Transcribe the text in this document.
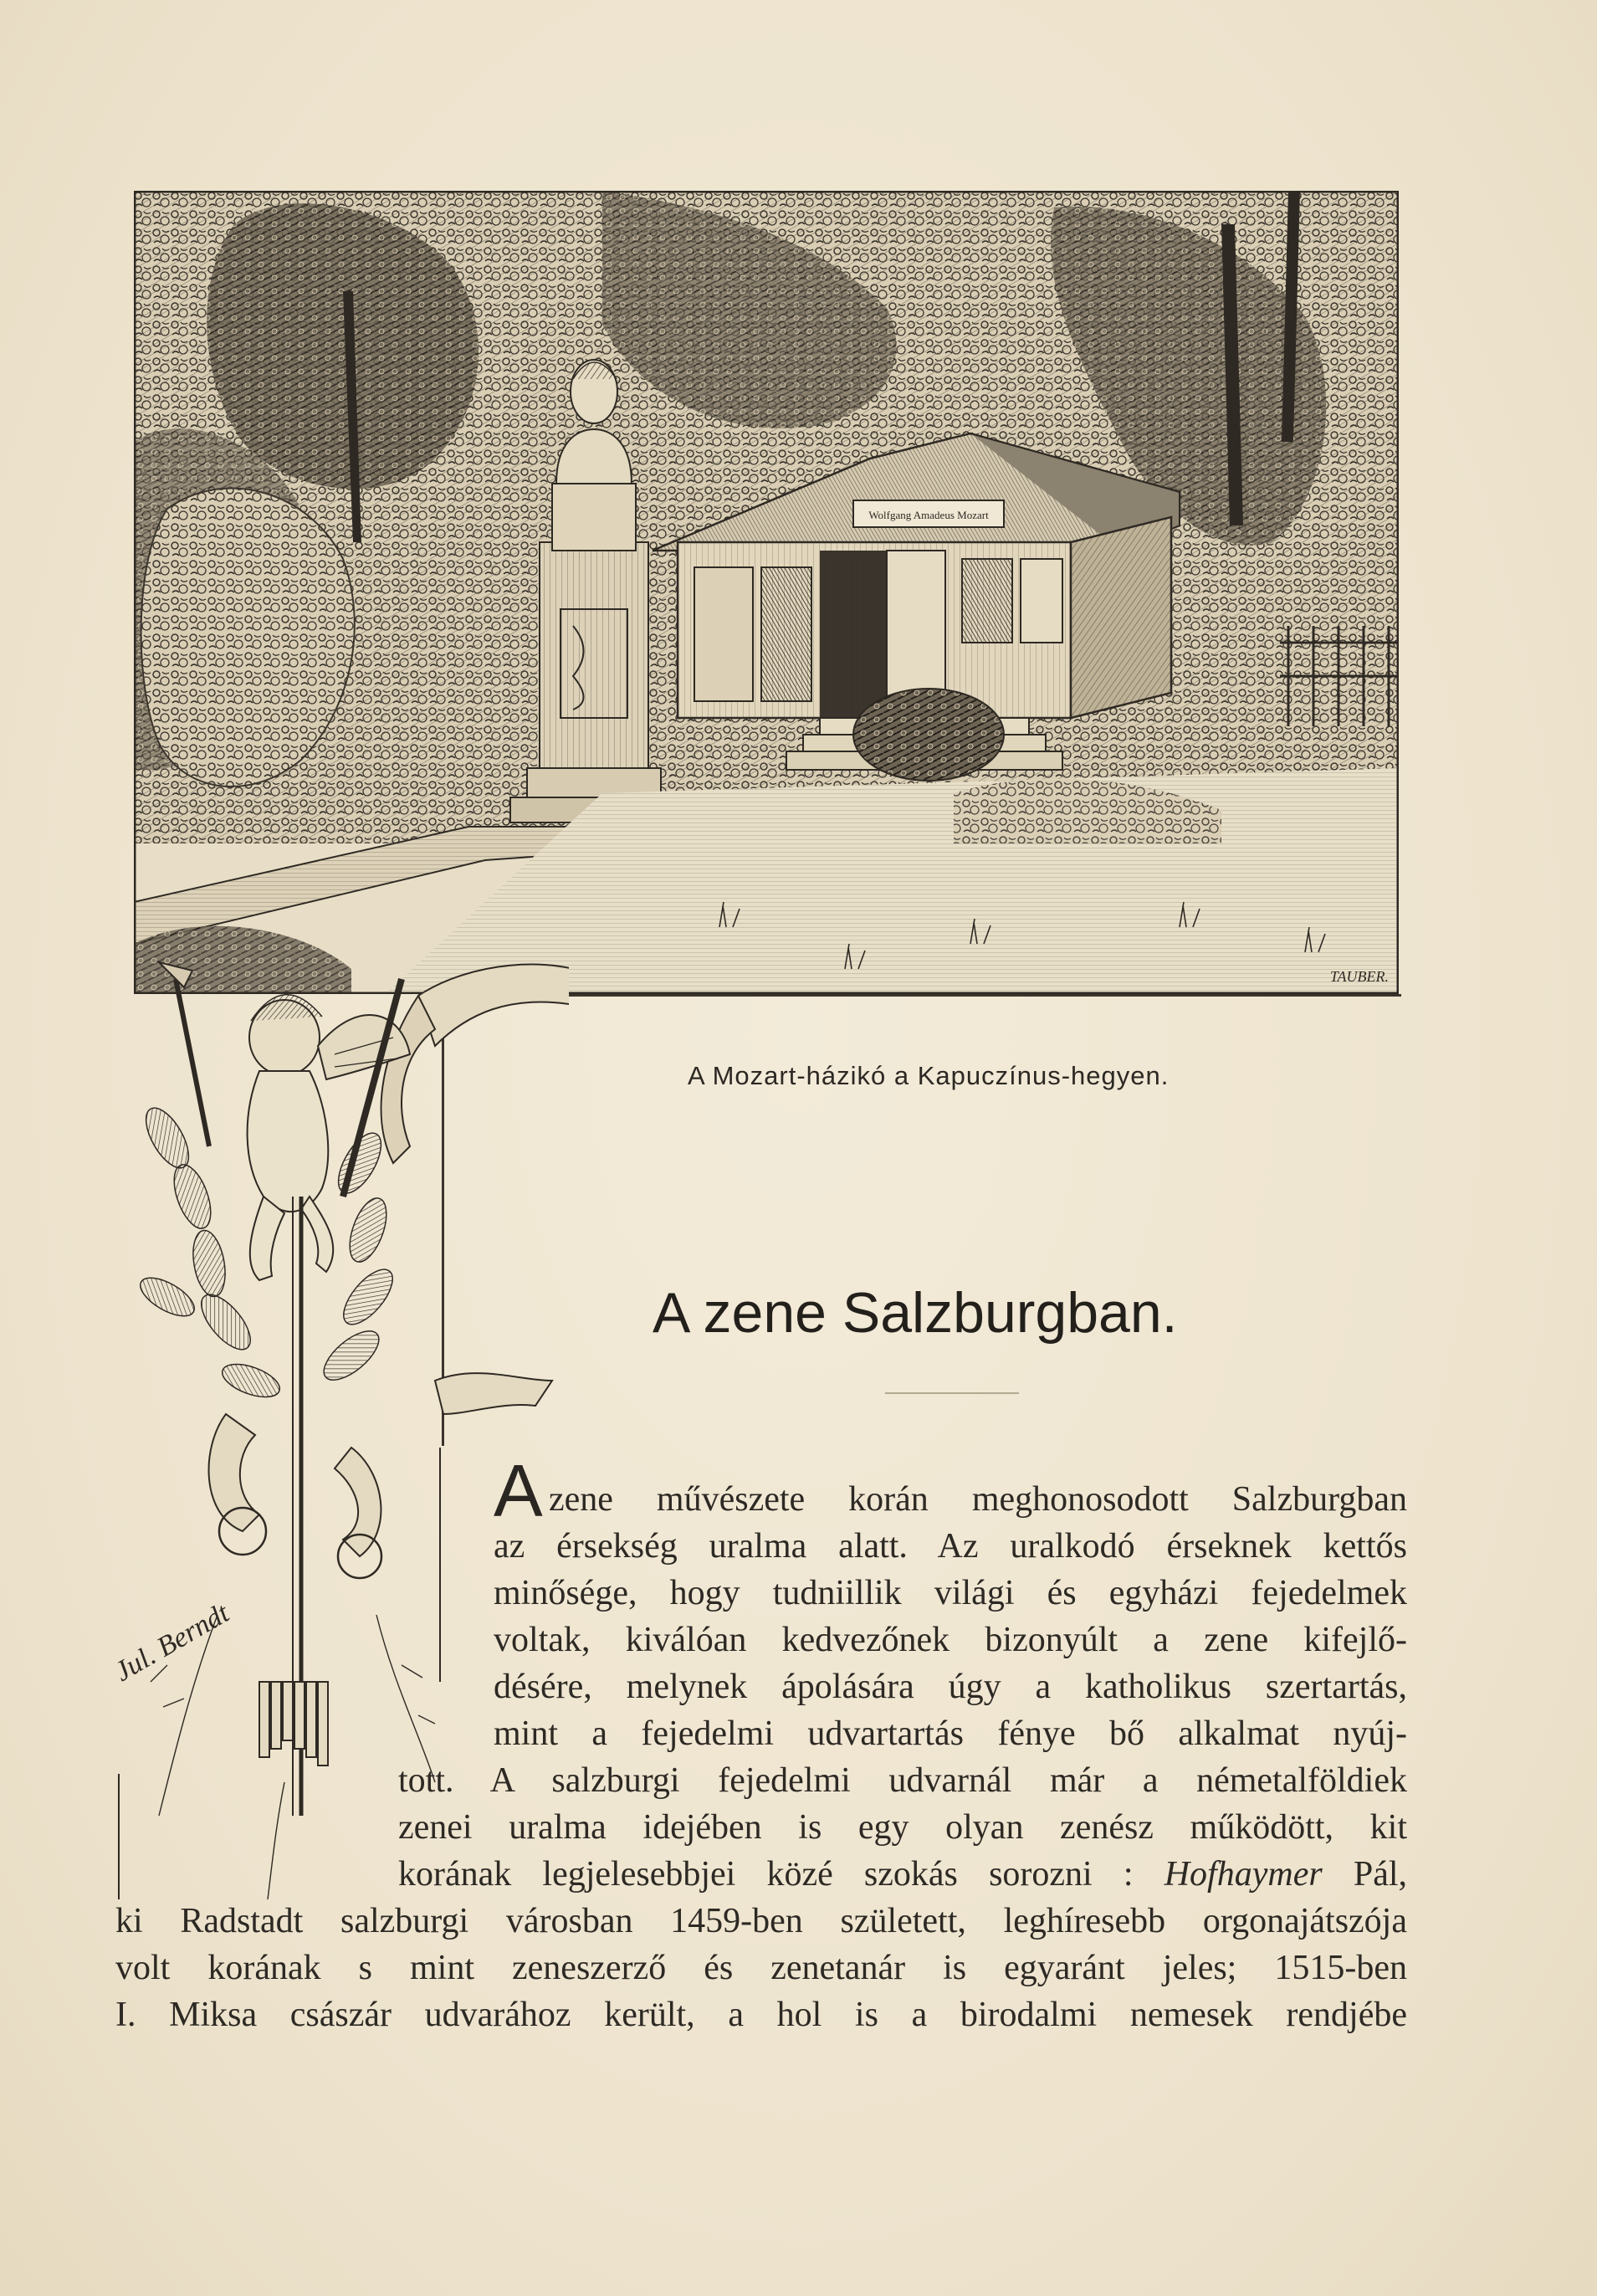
Wolfgang Amadeus Mozart
TAUBER.
Jul. Berndt
A Mozart-házikó a Kapuczínus-hegyen.
A zene Salzburgban.
A zene művészete korán meghonosodott Salzburgban
az érsekség uralma alatt. Az uralkodó érseknek kettős
minősége, hogy tudniillik világi és egyházi fejedelmek
voltak, kiválóan kedvezőnek bizonyúlt a zene kifejlő-
désére, melynek ápolására úgy a katholikus szertartás,
mint a fejedelmi udvartartás fénye bő alkalmat nyúj-
tott. A salzburgi fejedelmi udvarnál már a németalföldiek
zenei uralma idejében is egy olyan zenész működött, kit
korának legjelesebbjei közé szokás sorozni : Hofhaymer Pál,
ki Radstadt salzburgi városban 1459-ben született, leghíresebb orgonajátszója
volt korának s mint zeneszerző és zenetanár is egyaránt jeles; 1515-ben
I. Miksa császár udvarához került, a hol is a birodalmi nemesek rendjébe
